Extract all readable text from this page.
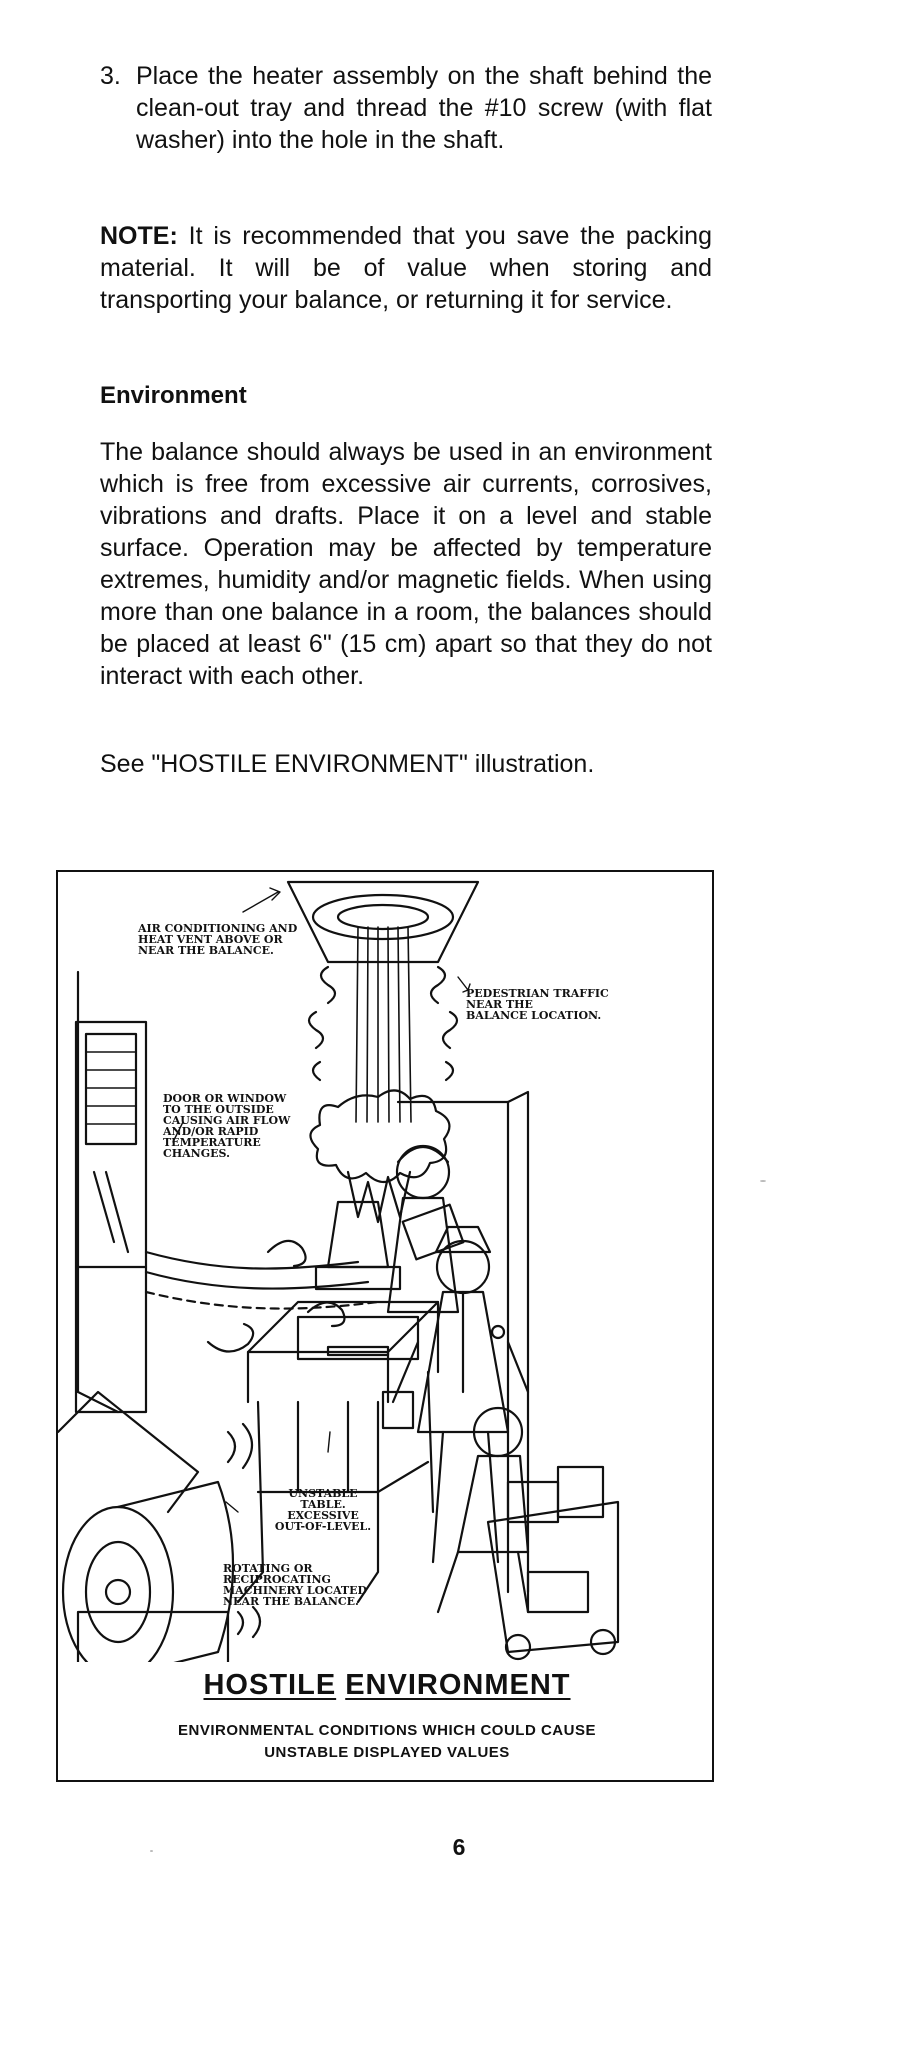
3. Place the heater assembly on the shaft behind the clean-out tray and thread the #10 screw (with flat washer) into the hole in the shaft.
NOTE: It is recommended that you save the packing material. It will be of value when storing and transporting your balance, or returning it for service.
Environment
The balance should always be used in an environment which is free from excessive air currents, corrosives, vibrations and drafts. Place it on a level and stable surface. Operation may be affected by temperature extremes, humidity and/or magnetic fields. When using more than one balance in a room, the balances should be placed at least 6" (15 cm) apart so that they do not interact with each other.
See "HOSTILE ENVIRONMENT" illustration.
AIR CONDITIONING AND
HEAT VENT ABOVE OR
NEAR THE BALANCE.
PEDESTRIAN TRAFFIC
NEAR THE
BALANCE LOCATION.
DOOR OR WINDOW
TO THE OUTSIDE
CAUSING AIR FLOW
AND/OR RAPID
TEMPERATURE
CHANGES.
UNSTABLE
TABLE.
EXCESSIVE
OUT-OF-LEVEL.
ROTATING OR
RECIPROCATING
MACHINERY LOCATED
NEAR THE BALANCE.
HOSTILE ENVIRONMENT
ENVIRONMENTAL CONDITIONS WHICH COULD CAUSE
UNSTABLE DISPLAYED VALUES
6
